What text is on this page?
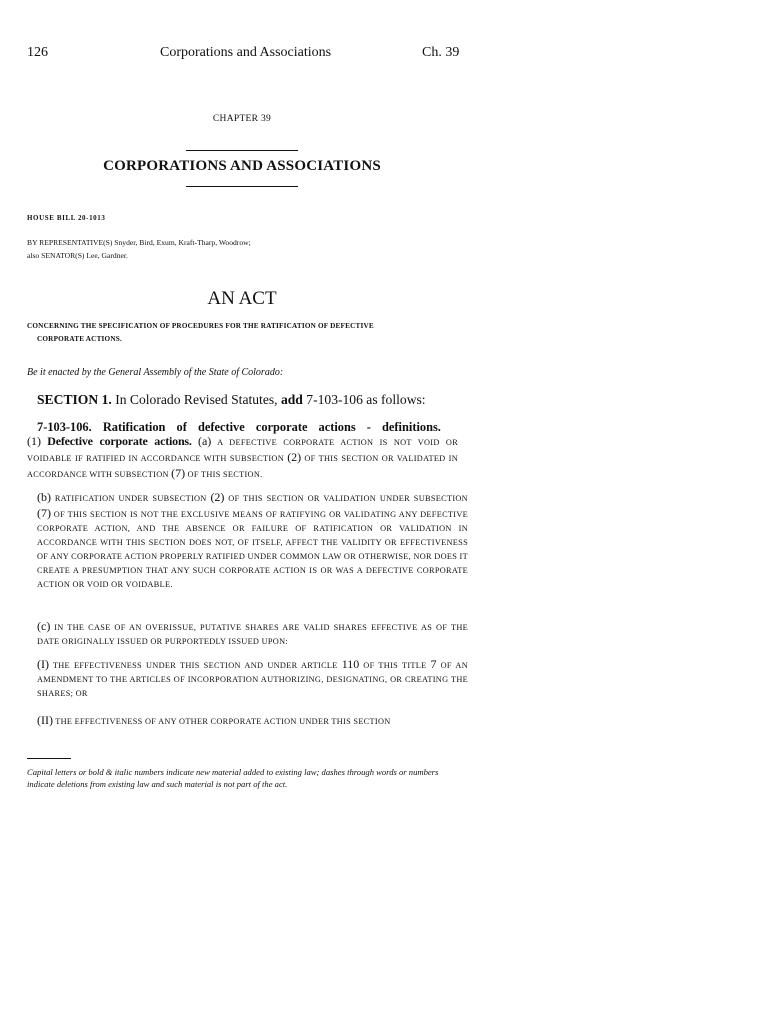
126	Corporations and Associations	Ch. 39
CHAPTER 39
CORPORATIONS AND ASSOCIATIONS
HOUSE BILL 20-1013
BY REPRESENTATIVE(S) Snyder, Bird, Exum, Kraft-Tharp, Woodrow;
also SENATOR(S) Lee, Gardner.
AN ACT
CONCERNING THE SPECIFICATION OF PROCEDURES FOR THE RATIFICATION OF DEFECTIVE
CORPORATE ACTIONS.
Be it enacted by the General Assembly of the State of Colorado:
SECTION 1. In Colorado Revised Statutes, add 7-103-106 as follows:
7-103-106. Ratification of defective corporate actions - definitions.
(1) Defective corporate actions. (a) A DEFECTIVE CORPORATE ACTION IS NOT VOID OR VOIDABLE IF RATIFIED IN ACCORDANCE WITH SUBSECTION (2) OF THIS SECTION OR VALIDATED IN ACCORDANCE WITH SUBSECTION (7) OF THIS SECTION.
(b) RATIFICATION UNDER SUBSECTION (2) OF THIS SECTION OR VALIDATION UNDER SUBSECTION (7) OF THIS SECTION IS NOT THE EXCLUSIVE MEANS OF RATIFYING OR VALIDATING ANY DEFECTIVE CORPORATE ACTION, AND THE ABSENCE OR FAILURE OF RATIFICATION OR VALIDATION IN ACCORDANCE WITH THIS SECTION DOES NOT, OF ITSELF, AFFECT THE VALIDITY OR EFFECTIVENESS OF ANY CORPORATE ACTION PROPERLY RATIFIED UNDER COMMON LAW OR OTHERWISE, NOR DOES IT CREATE A PRESUMPTION THAT ANY SUCH CORPORATE ACTION IS OR WAS A DEFECTIVE CORPORATE ACTION OR VOID OR VOIDABLE.
(c) IN THE CASE OF AN OVERISSUE, PUTATIVE SHARES ARE VALID SHARES EFFECTIVE AS OF THE DATE ORIGINALLY ISSUED OR PURPORTEDLY ISSUED UPON:
(I) THE EFFECTIVENESS UNDER THIS SECTION AND UNDER ARTICLE 110 OF THIS TITLE 7 OF AN AMENDMENT TO THE ARTICLES OF INCORPORATION AUTHORIZING, DESIGNATING, OR CREATING THE SHARES; OR
(II) THE EFFECTIVENESS OF ANY OTHER CORPORATE ACTION UNDER THIS SECTION
Capital letters or bold & italic numbers indicate new material added to existing law; dashes through words or numbers indicate deletions from existing law and such material is not part of the act.
